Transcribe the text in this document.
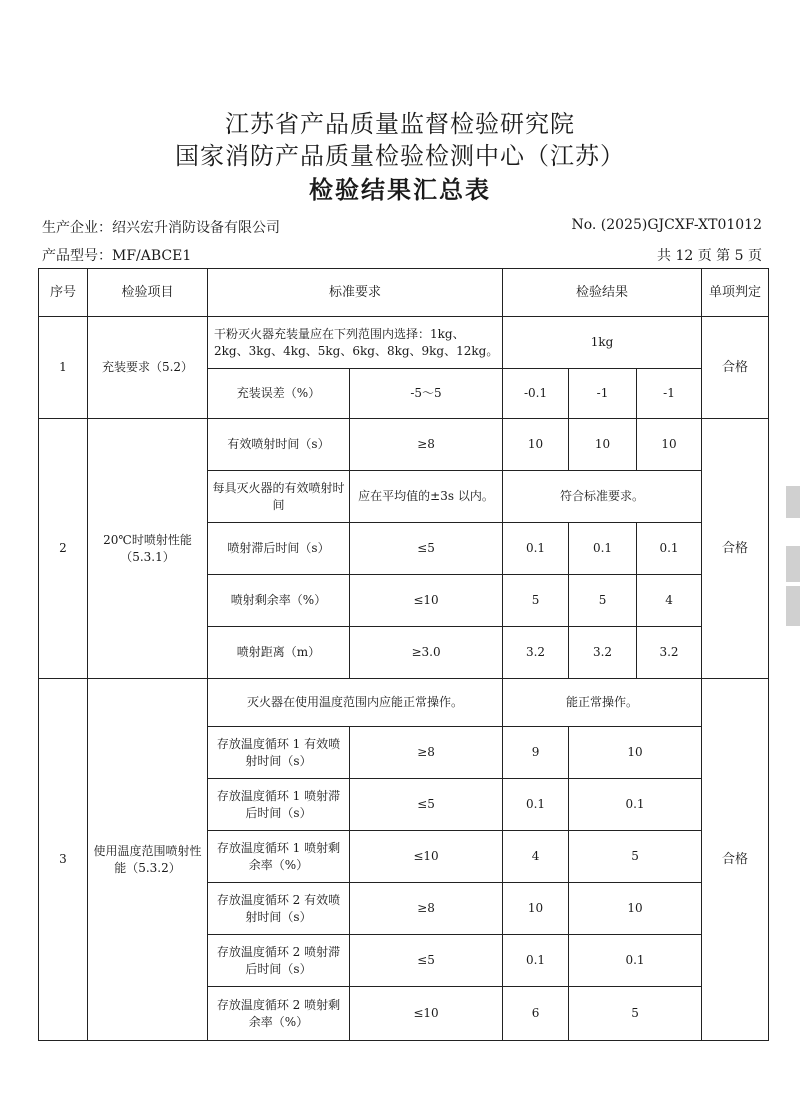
江苏省产品质量监督检验研究院
国家消防产品质量检验检测中心（江苏）
检验结果汇总表
生产企业：绍兴宏升消防设备有限公司	No. (2025)GJCXF-XT01012
产品型号：MF/ABCE1	共 12 页 第 5 页
序号	检验项目	标准要求		检验结果			单项判定
1	充装要求（5.2）	干粉灭火器充装量应在下列范围内选择：1kg、2kg、3kg、4kg、5kg、6kg、8kg、9kg、12kg。		1kg			合格
		充装误差（%）	-5～5	-0.1	-1	-1	
2	20℃时喷射性能（5.3.1）	有效喷射时间（s）	≥8	10	10	10	合格
		每具灭火器的有效喷射时间	应在平均值的±3s 以内。	符合标准要求。			
		喷射滞后时间（s）	≤5	0.1	0.1	0.1	
		喷射剩余率（%）	≤10	5	5	4	
		喷射距离（m）	≥3.0	3.2	3.2	3.2	
3	使用温度范围喷射性能（5.3.2）	灭火器在使用温度范围内应能正常操作。		能正常操作。			合格
		存放温度循环 1 有效喷射时间（s）	≥8	9	10		
		存放温度循环 1 喷射滞后时间（s）	≤5	0.1	0.1		
		存放温度循环 1 喷射剩余率（%）	≤10	4	5		
		存放温度循环 2 有效喷射时间（s）	≥8	10	10		
		存放温度循环 2 喷射滞后时间（s）	≤5	0.1	0.1		
		存放温度循环 2 喷射剩余率（%）	≤10	6	5		
